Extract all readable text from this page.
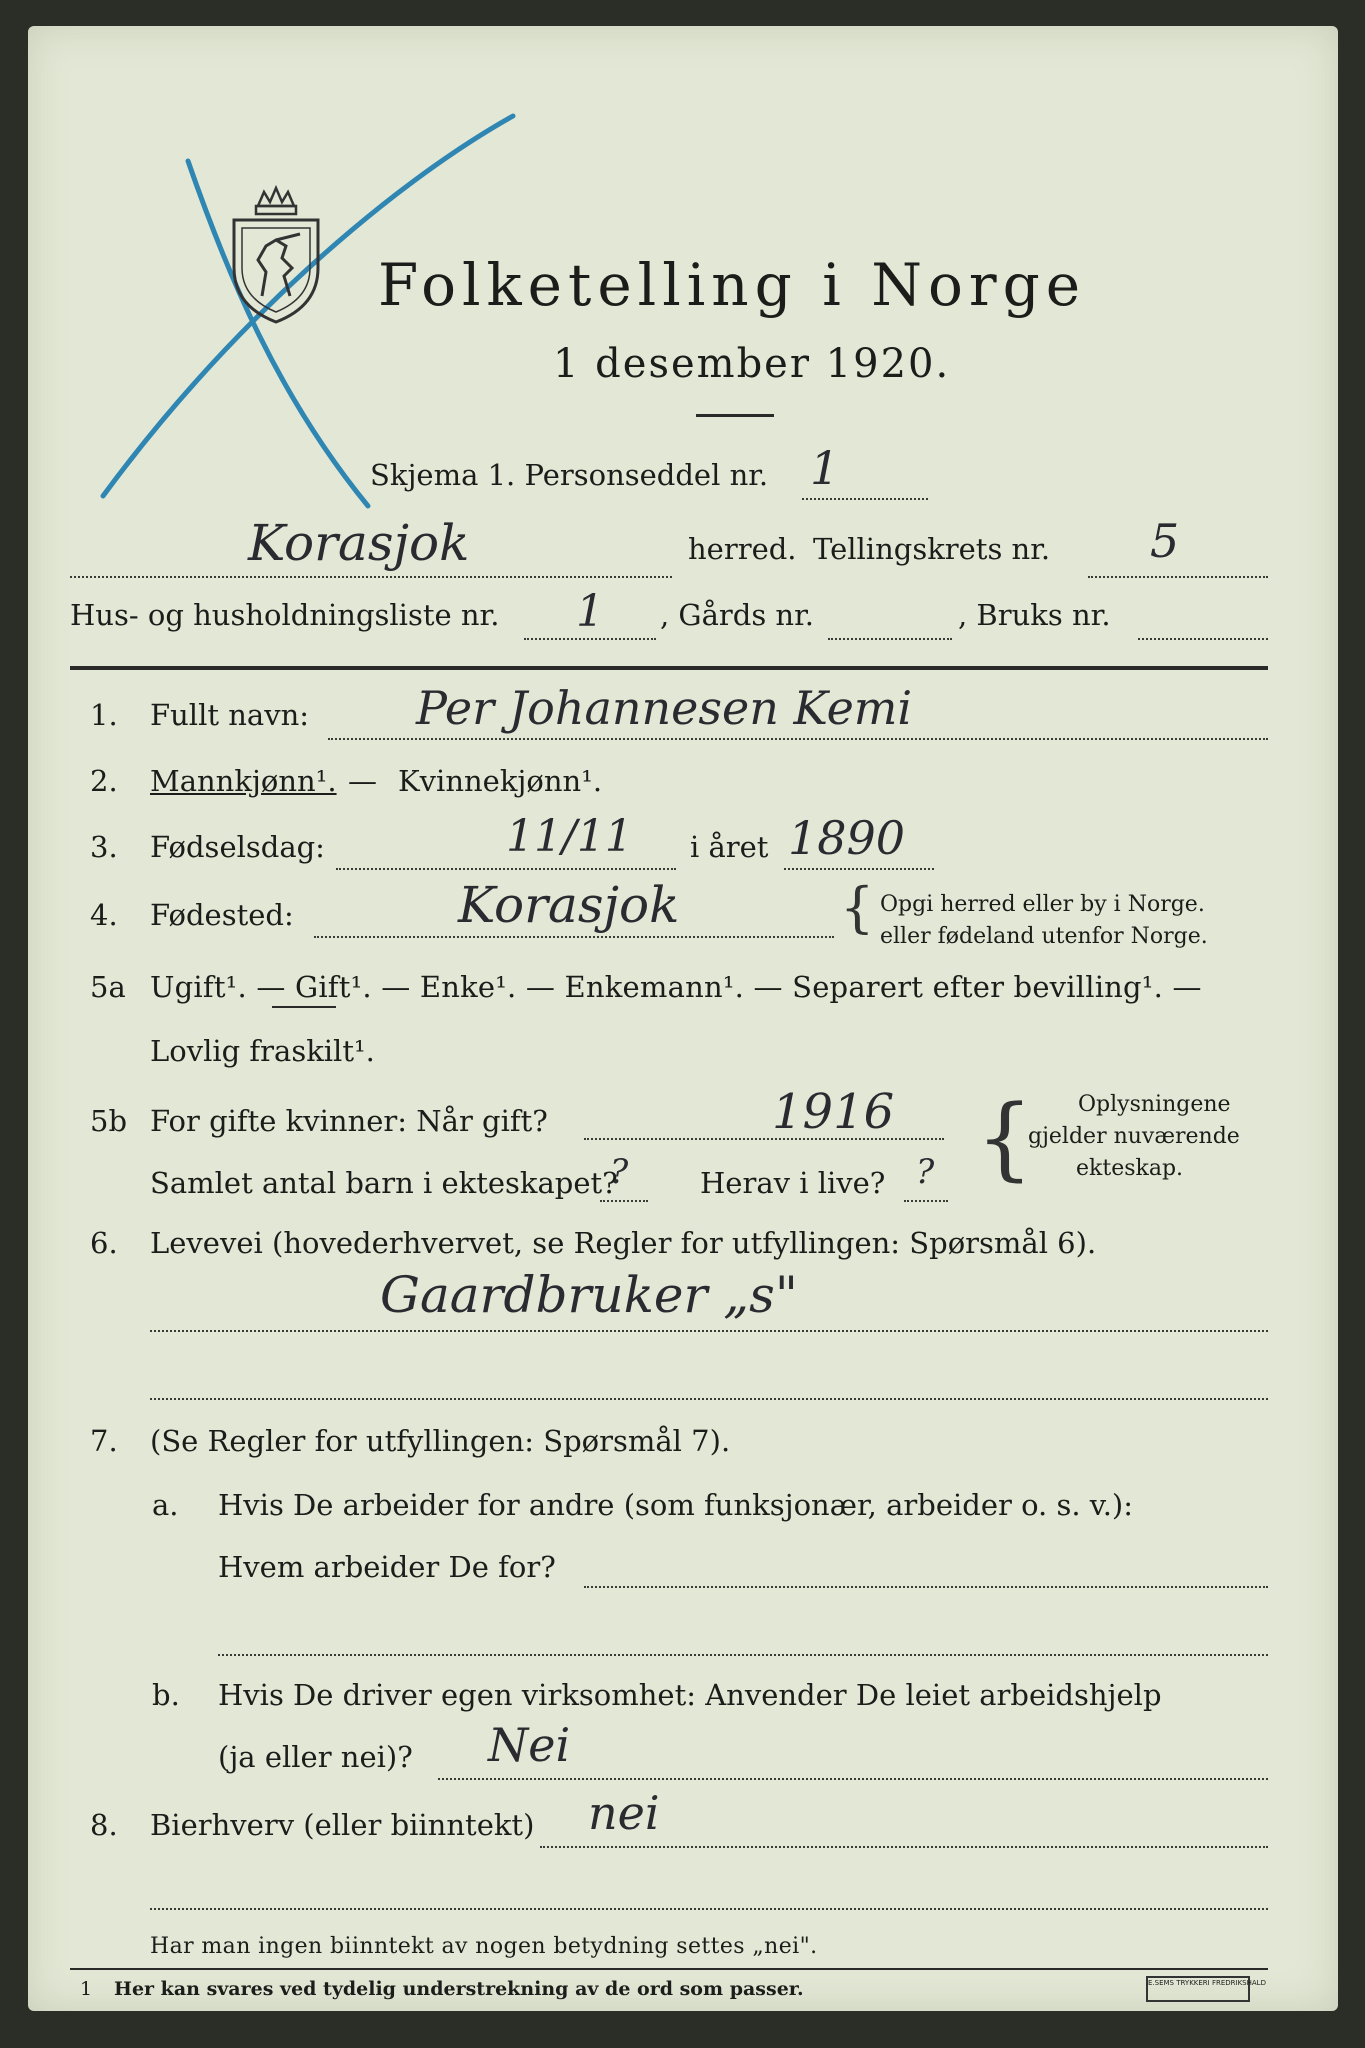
Folketelling i Norge
1 desember 1920.
Skjema 1. Personseddel nr. 1
Korasjok	herred. Tellingskrets nr. 5
Hus- og husholdningsliste nr. 1 , Gårds nr.	, Bruks nr.
1. Fullt navn: Per Johannesen Kemi
2. Mannkjønn¹. — Kvinnekjønn¹.
3. Fødselsdag:	11/11 i året 1890
4. Fødested:	Korasjok	{ Opgi herred eller by i Norge.
eller fødeland utenfor Norge.
5a Ugift¹. — Gift¹. — Enke¹. — Enkemann¹. — Separert efter bevilling¹. —
Lovlig fraskilt¹.
5b For gifte kvinner: Når gift?	1916
Samlet antal barn i ekteskapet?
? Herav i live? ? { Oplysningene
gjelder nuværende
ekteskap.
6. Levevei (hovederhvervet, se Regler for utfyllingen: Spørsmål 6).
Gaardbruker „s"
7. (Se Regler for utfyllingen: Spørsmål 7).
a. Hvis De arbeider for andre (som funksjonær, arbeider o. s. v.):
Hvem arbeider De for?
b. Hvis De driver egen virksomhet: Anvender De leiet arbeidshjelp
(ja eller nei)? Nei
8. Bierhverv (eller biinntekt) nei
Har man ingen biinntekt av nogen betydning settes „nei".
1 Her kan svares ved tydelig understrekning av de ord som passer.	E.SEMS TRYKKERI FREDRIKSHALD
